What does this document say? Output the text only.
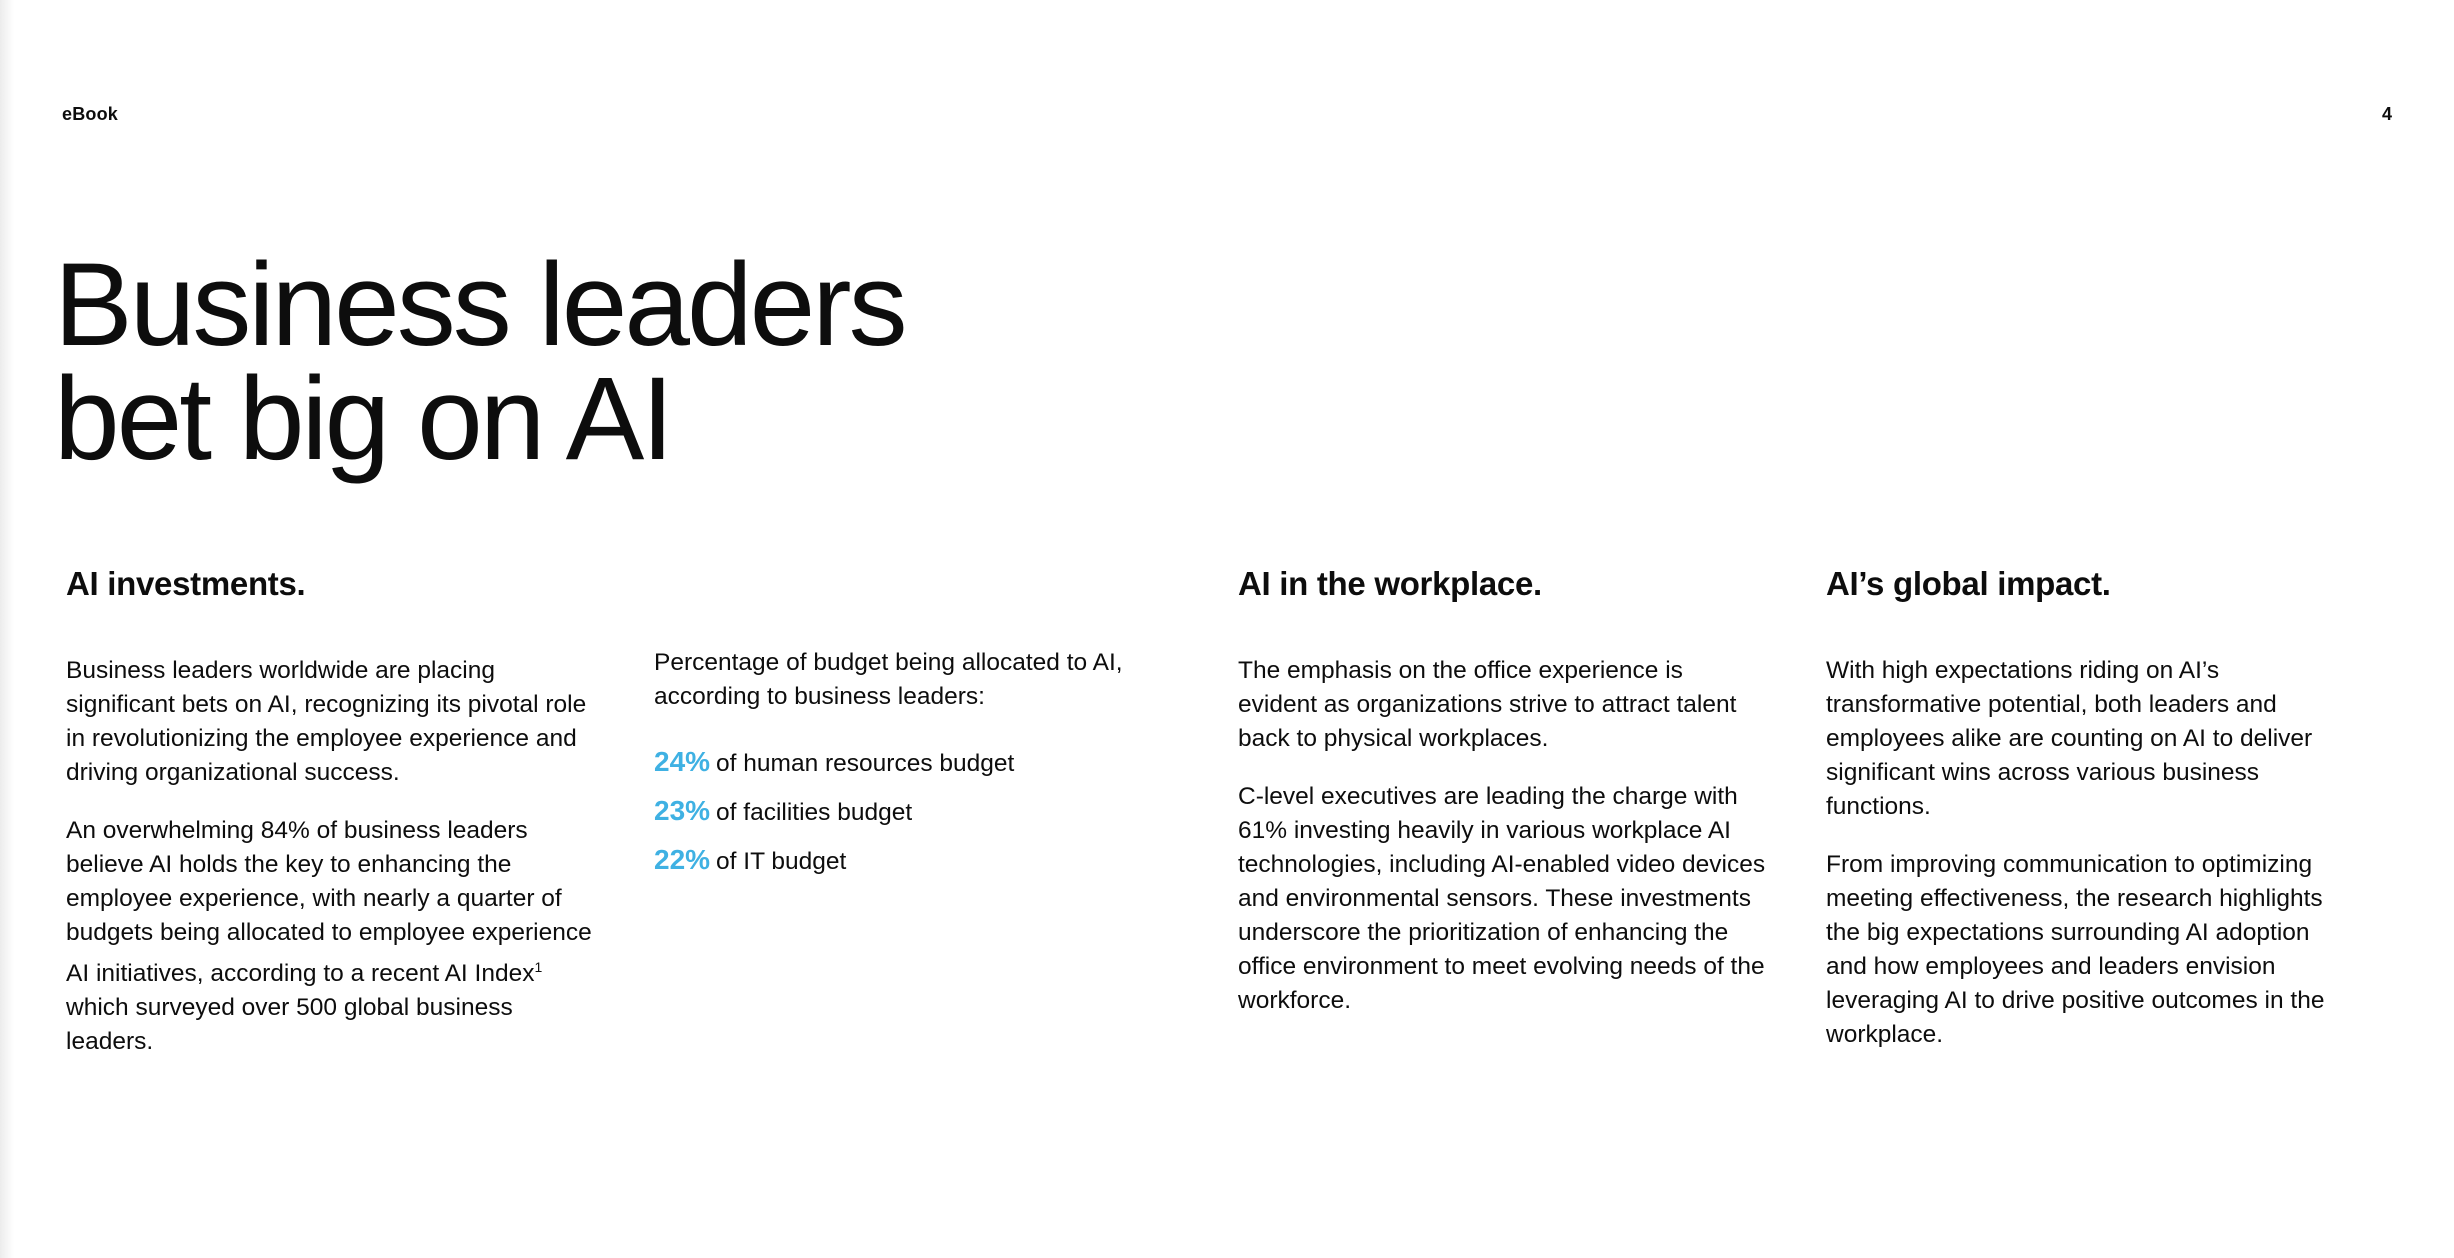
eBook	4
Business leaders
bet big on AI
AI investments.

Business leaders worldwide are placing significant bets on AI, recognizing its pivotal role in revolutionizing the employee experience and driving organizational success.

An overwhelming 84% of business leaders believe AI holds the key to enhancing the employee experience, with nearly a quarter of budgets being allocated to employee experience AI initiatives, according to a recent AI Index$^1$ which surveyed over 500 global business leaders.

Percentage of budget being allocated to AI, according to business leaders:

24% of human resources budget
23% of facilities budget
22% of IT budget
AI in the workplace.

The emphasis on the office experience is evident as organizations strive to attract talent back to physical workplaces.

C-level executives are leading the charge with 61% investing heavily in various workplace AI technologies, including AI-enabled video devices and environmental sensors. These investments underscore the prioritization of enhancing the office environment to meet evolving needs of the workforce.

AI’s global impact.

With high expectations riding on AI’s transformative potential, both leaders and employees alike are counting on AI to deliver significant wins across various business functions.

From improving communication to optimizing meeting effectiveness, the research highlights the big expectations surrounding AI adoption and how employees and leaders envision leveraging AI to drive positive outcomes in the workplace.
